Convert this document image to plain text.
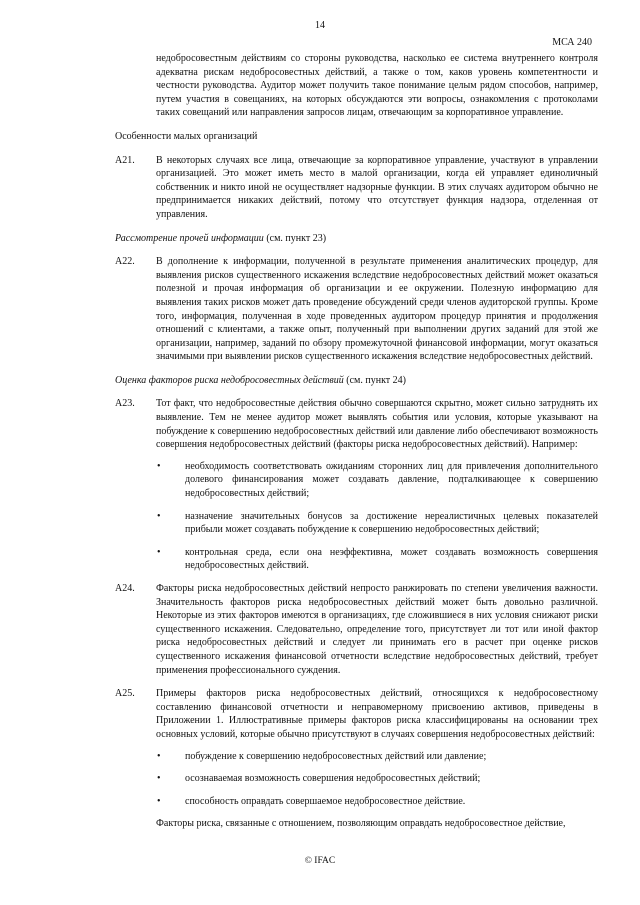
14
МСА 240

недобросовестным действиям со стороны руководства, насколько ее система внутреннего контроля адекватна рискам недобросовестных действий, а также о том, каков уровень компетентности и честности руководства. Аудитор может получить такое понимание целым рядом способов, например, путем участия в совещаниях, на которых обсуждаются эти вопросы, ознакомления с протоколами таких совещаний или направления запросов лицам, отвечающим за корпоративное управление.

Особенности малых организаций

A21.	В некоторых случаях все лица, отвечающие за корпоративное управление, участвуют в управлении организацией. Это может иметь место в малой организации, когда ей управляет единоличный собственник и никто иной не осуществляет надзорные функции. В этих случаях аудитором обычно не предпринимается никаких действий, потому что отсутствует функция надзора, отделенная от управления.

Рассмотрение прочей информации (см. пункт 23)

A22.	В дополнение к информации, полученной в результате применения аналитических процедур, для выявления рисков существенного искажения вследствие недобросовестных действий может оказаться полезной и прочая информация об организации и ее окружении. Полезную информацию для выявления таких рисков может дать проведение обсуждений среди членов аудиторской группы. Кроме того, информация, полученная в ходе проведенных аудитором процедур принятия и продолжения отношений с клиентами, а также опыт, полученный при выполнении других заданий для этой же организации, например, заданий по обзору промежуточной финансовой информации, могут оказаться значимыми при выявлении рисков существенного искажения вследствие недобросовестных действий.

Оценка факторов риска недобросовестных действий (см. пункт 24)

A23.	Тот факт, что недобросовестные действия обычно совершаются скрытно, может сильно затруднять их выявление. Тем не менее аудитор может выявлять события или условия, которые указывают на побуждение к совершению недобросовестных действий или давление либо обеспечивают возможность совершения недобросовестных действий (факторы риска недобросовестных действий). Например:

• необходимость соответствовать ожиданиям сторонних лиц для привлечения дополнительного долевого финансирования может создавать давление, подталкивающее к совершению недобросовестных действий;
• назначение значительных бонусов за достижение нереалистичных целевых показателей прибыли может создавать побуждение к совершению недобросовестных действий;
• контрольная среда, если она неэффективна, может создавать возможность совершения недобросовестных действий.
A24.	Факторы риска недобросовестных действий непросто ранжировать по степени увеличения важности. Значительность факторов риска недобросовестных действий может быть довольно различной. Некоторые из этих факторов имеются в организациях, где сложившиеся в них условия снижают риски существенного искажения. Следовательно, определение того, присутствует ли тот или иной фактор риска недобросовестных действий и следует ли принимать его в расчет при оценке рисков существенного искажения финансовой отчетности вследствие недобросовестных действий, требует применения профессионального суждения.

A25.	Примеры факторов риска недобросовестных действий, относящихся к недобросовестному составлению финансовой отчетности и неправомерному присвоению активов, приведены в Приложении 1. Иллюстративные примеры факторов риска классифицированы на основании трех основных условий, которые обычно присутствуют в случаях совершения недобросовестных действий:

• побуждение к совершению недобросовестных действий или давление;
• осознаваемая возможность совершения недобросовестных действий;
• способность оправдать совершаемое недобросовестное действие.

Факторы риска, связанные с отношением, позволяющим оправдать недобросовестное действие,

© IFAC
